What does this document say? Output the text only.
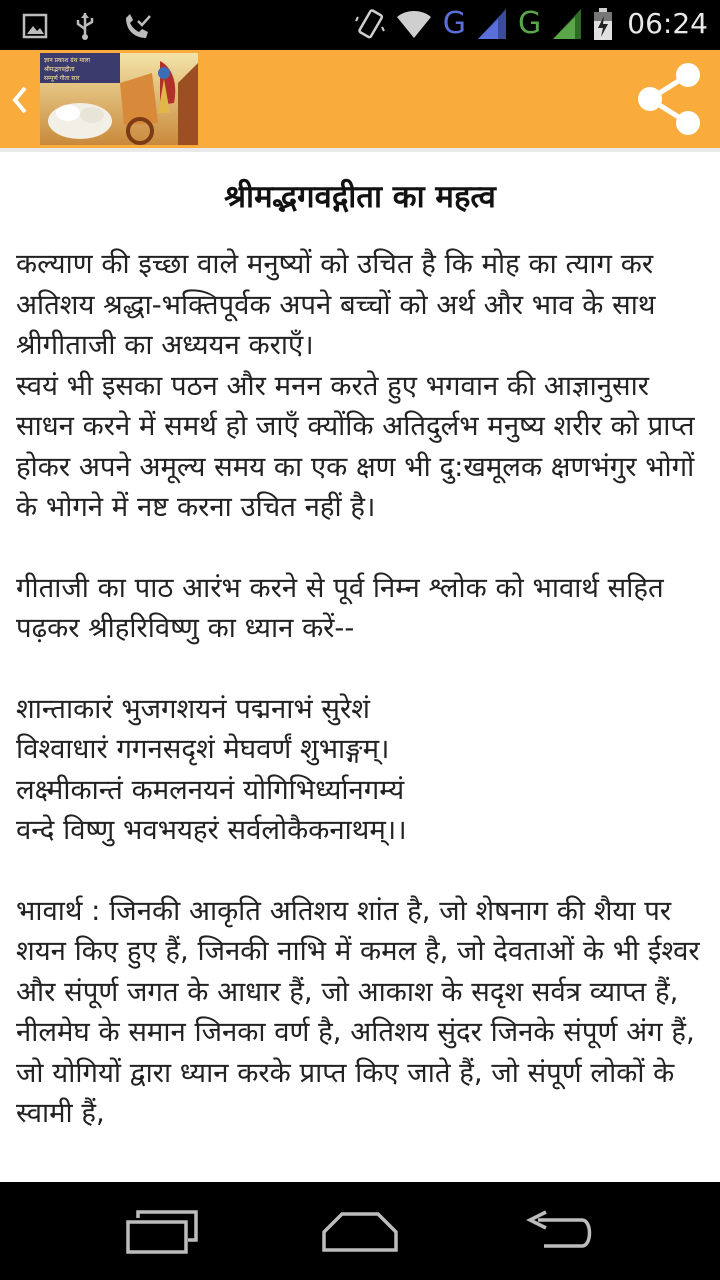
G G	06:24
ज्ञान प्रकाश ग्रंथ माला
श्रीमद्भगवद्गीता
सम्पूर्ण गीता सार
श्रीमद्भगवद्गीता का महत्व

कल्याण की इच्छा वाले मनुष्यों को उचित है कि मोह का त्याग कर अतिशय श्रद्धा-भक्तिपूर्वक अपने बच्चों को अर्थ और भाव के साथ श्रीगीताजी का अध्ययन कराएँ।
स्वयं भी इसका पठन और मनन करते हुए भगवान की आज्ञानुसार साधन करने में समर्थ हो जाएँ क्योंकि अतिदुर्लभ मनुष्य शरीर को प्राप्त होकर अपने अमूल्य समय का एक क्षण भी दु:खमूलक क्षणभंगुर भोगों के भोगने में नष्ट करना उचित नहीं है।

गीताजी का पाठ आरंभ करने से पूर्व निम्न श्लोक को भावार्थ सहित पढ़कर श्रीहरिविष्णु का ध्यान करें--

शान्ताकारं भुजगशयनं पद्मनाभं सुरेशं
विश्वाधारं गगनसदृशं मेघवर्णं शुभाङ्गम्।
लक्ष्मीकान्तं कमलनयनं योगिभिर्ध्यानगम्यं
वन्दे विष्णु भवभयहरं सर्वलोकैकनाथम्।।

भावार्थ : जिनकी आकृति अतिशय शांत है, जो शेषनाग की शैया पर शयन किए हुए हैं, जिनकी नाभि में कमल है, जो देवताओं के भी ईश्वर और संपूर्ण जगत के आधार हैं, जो आकाश के सदृश सर्वत्र व्याप्त हैं, नीलमेघ के समान जिनका वर्ण है, अतिशय सुंदर जिनके संपूर्ण अंग हैं, जो योगियों द्वारा ध्यान करके प्राप्त किए जाते हैं, जो संपूर्ण लोकों के स्वामी हैं,
